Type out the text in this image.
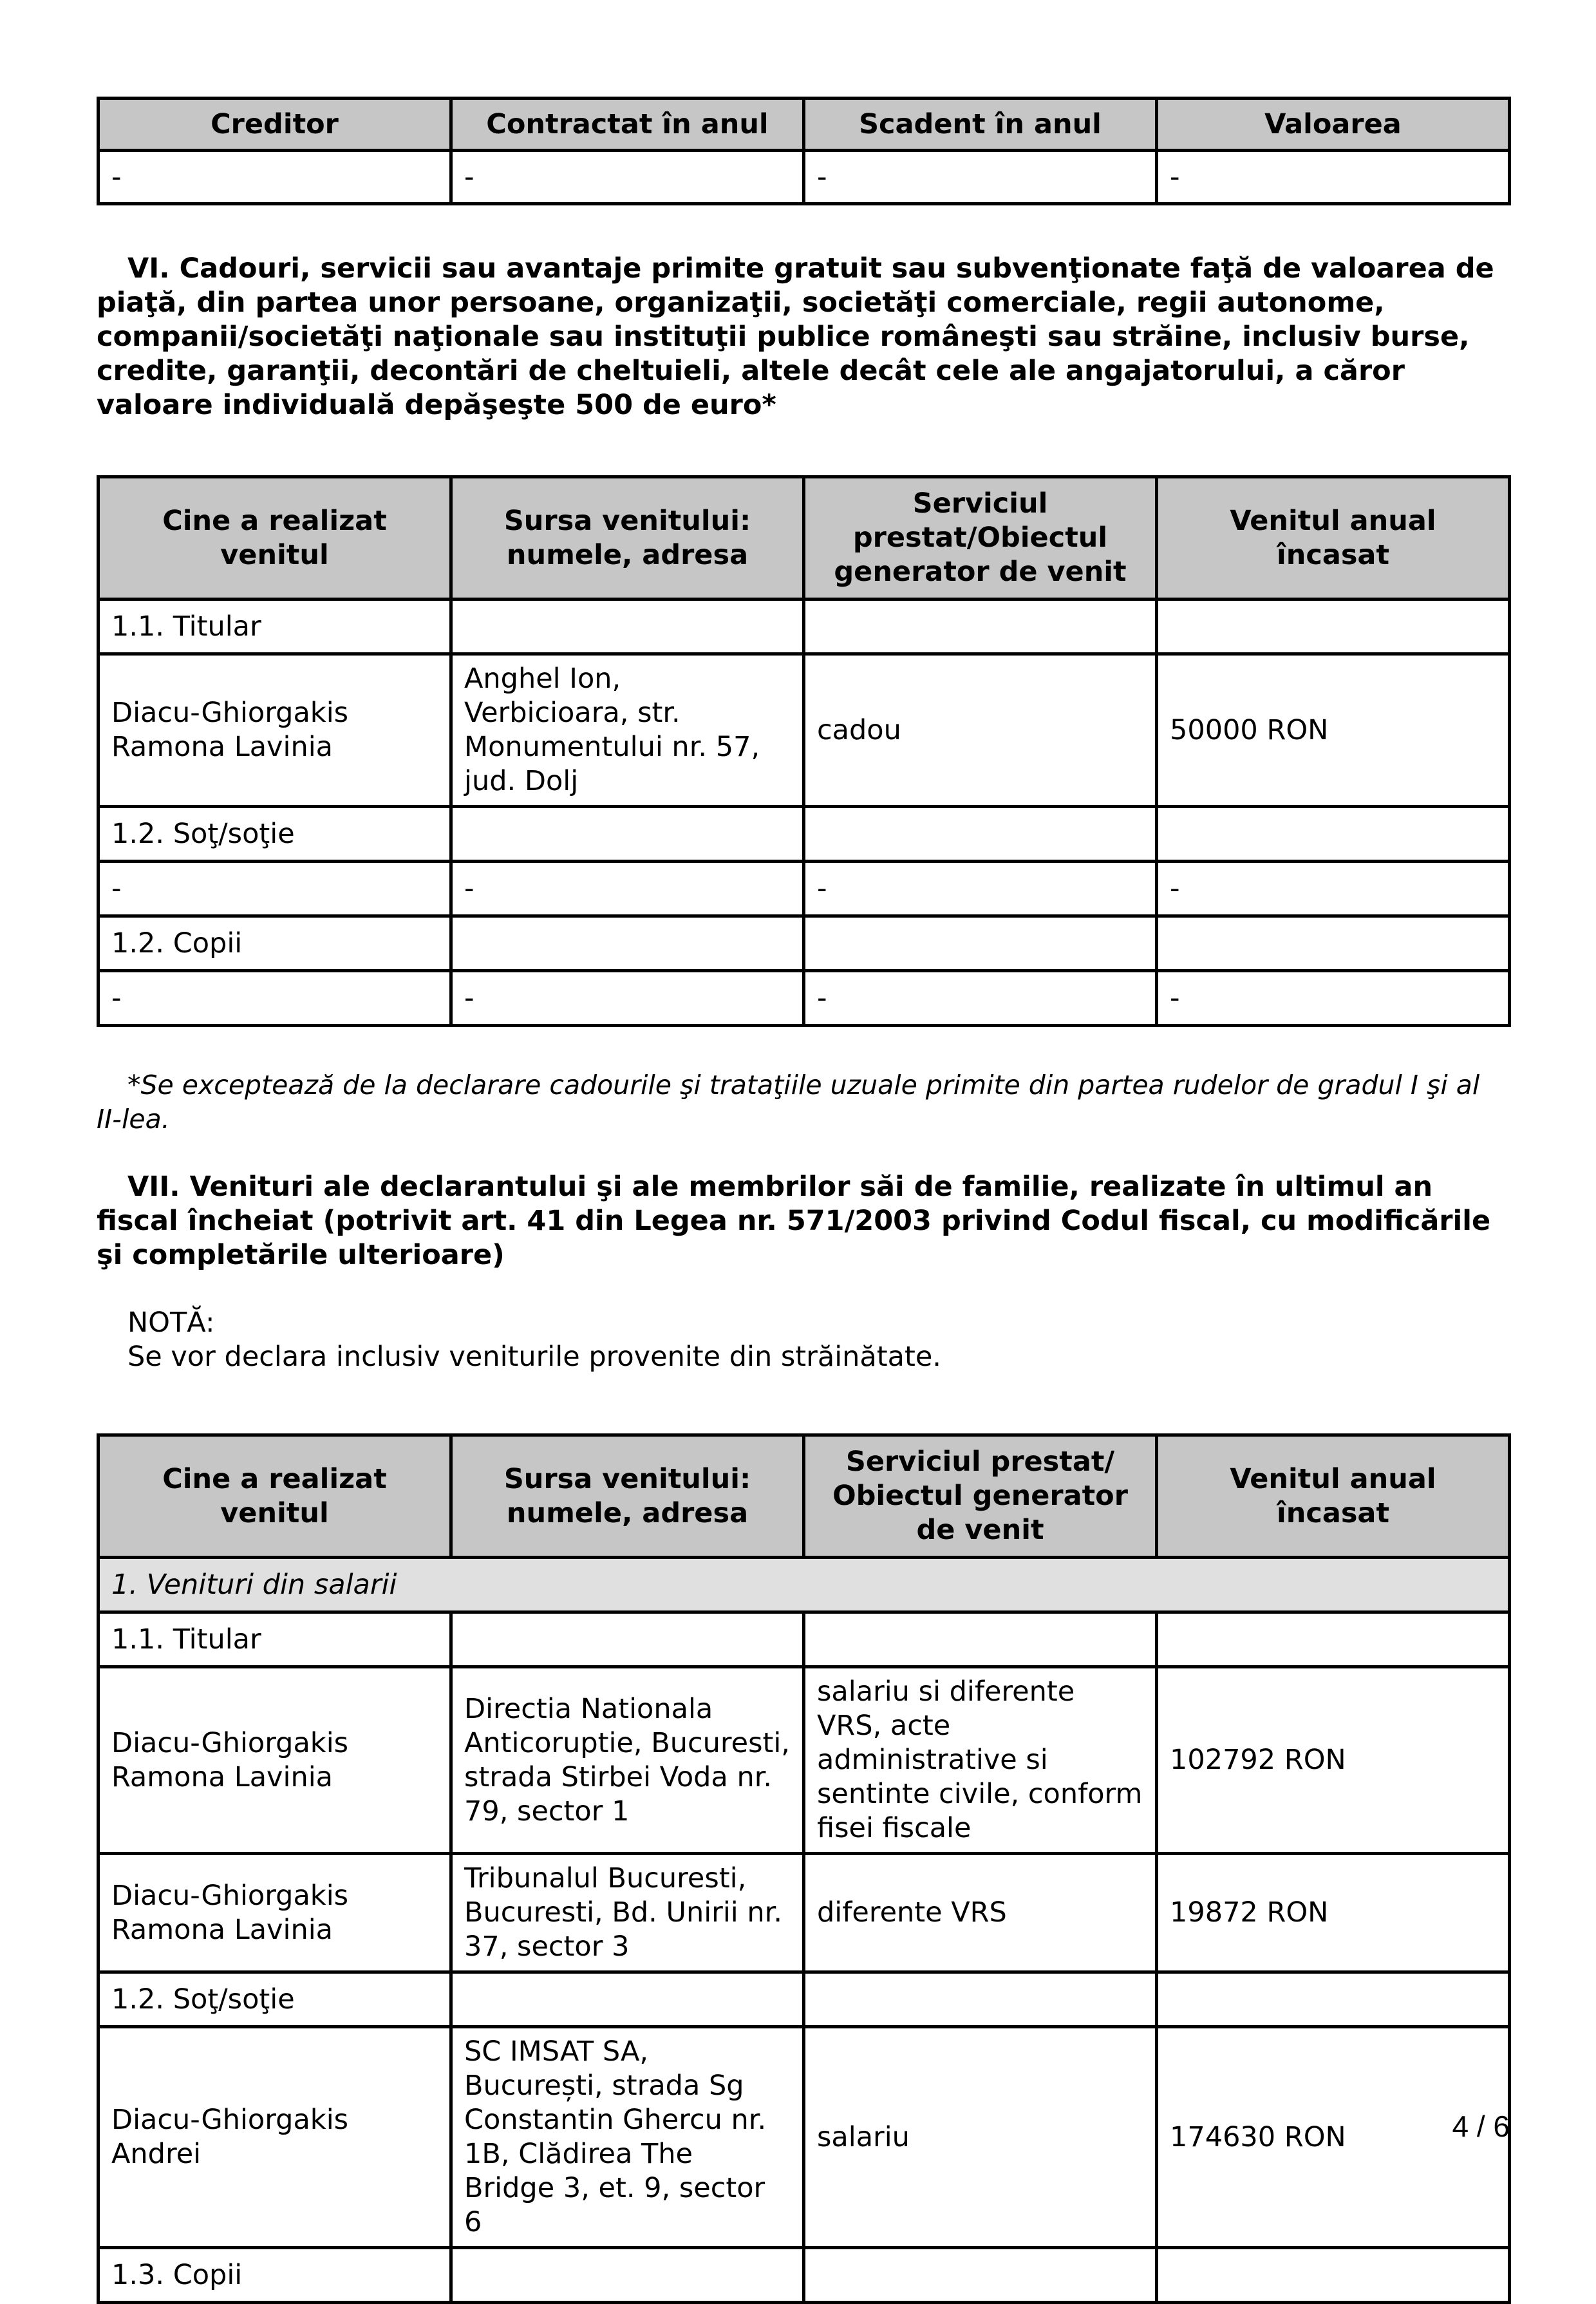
Creditor	Contractat în anul	Scadent în anul	Valoarea
-	-	-	-

VI. Cadouri, servicii sau avantaje primite gratuit sau subvenţionate faţă de valoarea de piaţă, din partea unor persoane, organizaţii, societăţi comerciale, regii autonome, companii/societăţi naţionale sau instituţii publice româneşti sau străine, inclusiv burse, credite, garanţii, decontări de cheltuieli, altele decât cele ale angajatorului, a căror valoare individuală depăşeşte 500 de euro*

Cine a realizat venitul	Sursa venitului: numele, adresa	Serviciul prestat/Obiectul generator de venit	Venitul anual încasat
1.1. Titular			
Diacu-Ghiorgakis Ramona Lavinia	Anghel Ion, Verbicioara, str. Monumentului nr. 57, jud. Dolj	cadou	50000 RON
1.2. Soţ/soţie			
-	-	-	-
1.2. Copii			
-	-	-	-

*Se exceptează de la declarare cadourile şi trataţiile uzuale primite din partea rudelor de gradul I şi al II-lea.

VII. Venituri ale declarantului şi ale membrilor săi de familie, realizate în ultimul an fiscal încheiat (potrivit art. 41 din Legea nr. 571/2003 privind Codul fiscal, cu modificările şi completările ulterioare)

NOTĂ:

Se vor declara inclusiv veniturile provenite din străinătate.

Cine a realizat venitul	Sursa venitului: numele, adresa	Serviciul prestat/ Obiectul generator de venit	Venitul anual încasat
1. Venituri din salarii			
1.1. Titular			
Diacu-Ghiorgakis Ramona Lavinia	Directia Nationala Anticoruptie, Bucuresti, strada Stirbei Voda nr. 79, sector 1	salariu si diferente VRS, acte administrative si sentinte civile, conform fisei fiscale	102792 RON
Diacu-Ghiorgakis Ramona Lavinia	Tribunalul Bucuresti, Bucuresti, Bd. Unirii nr. 37, sector 3	diferente VRS	19872 RON
1.2. Soţ/soţie			
Diacu-Ghiorgakis Andrei	SC IMSAT SA, București, strada Sg Constantin Ghercu nr. 1B, Clădirea The Bridge 3, et. 9, sector 6	salariu	174630 RON
1.3. Copii			
4 / 6
